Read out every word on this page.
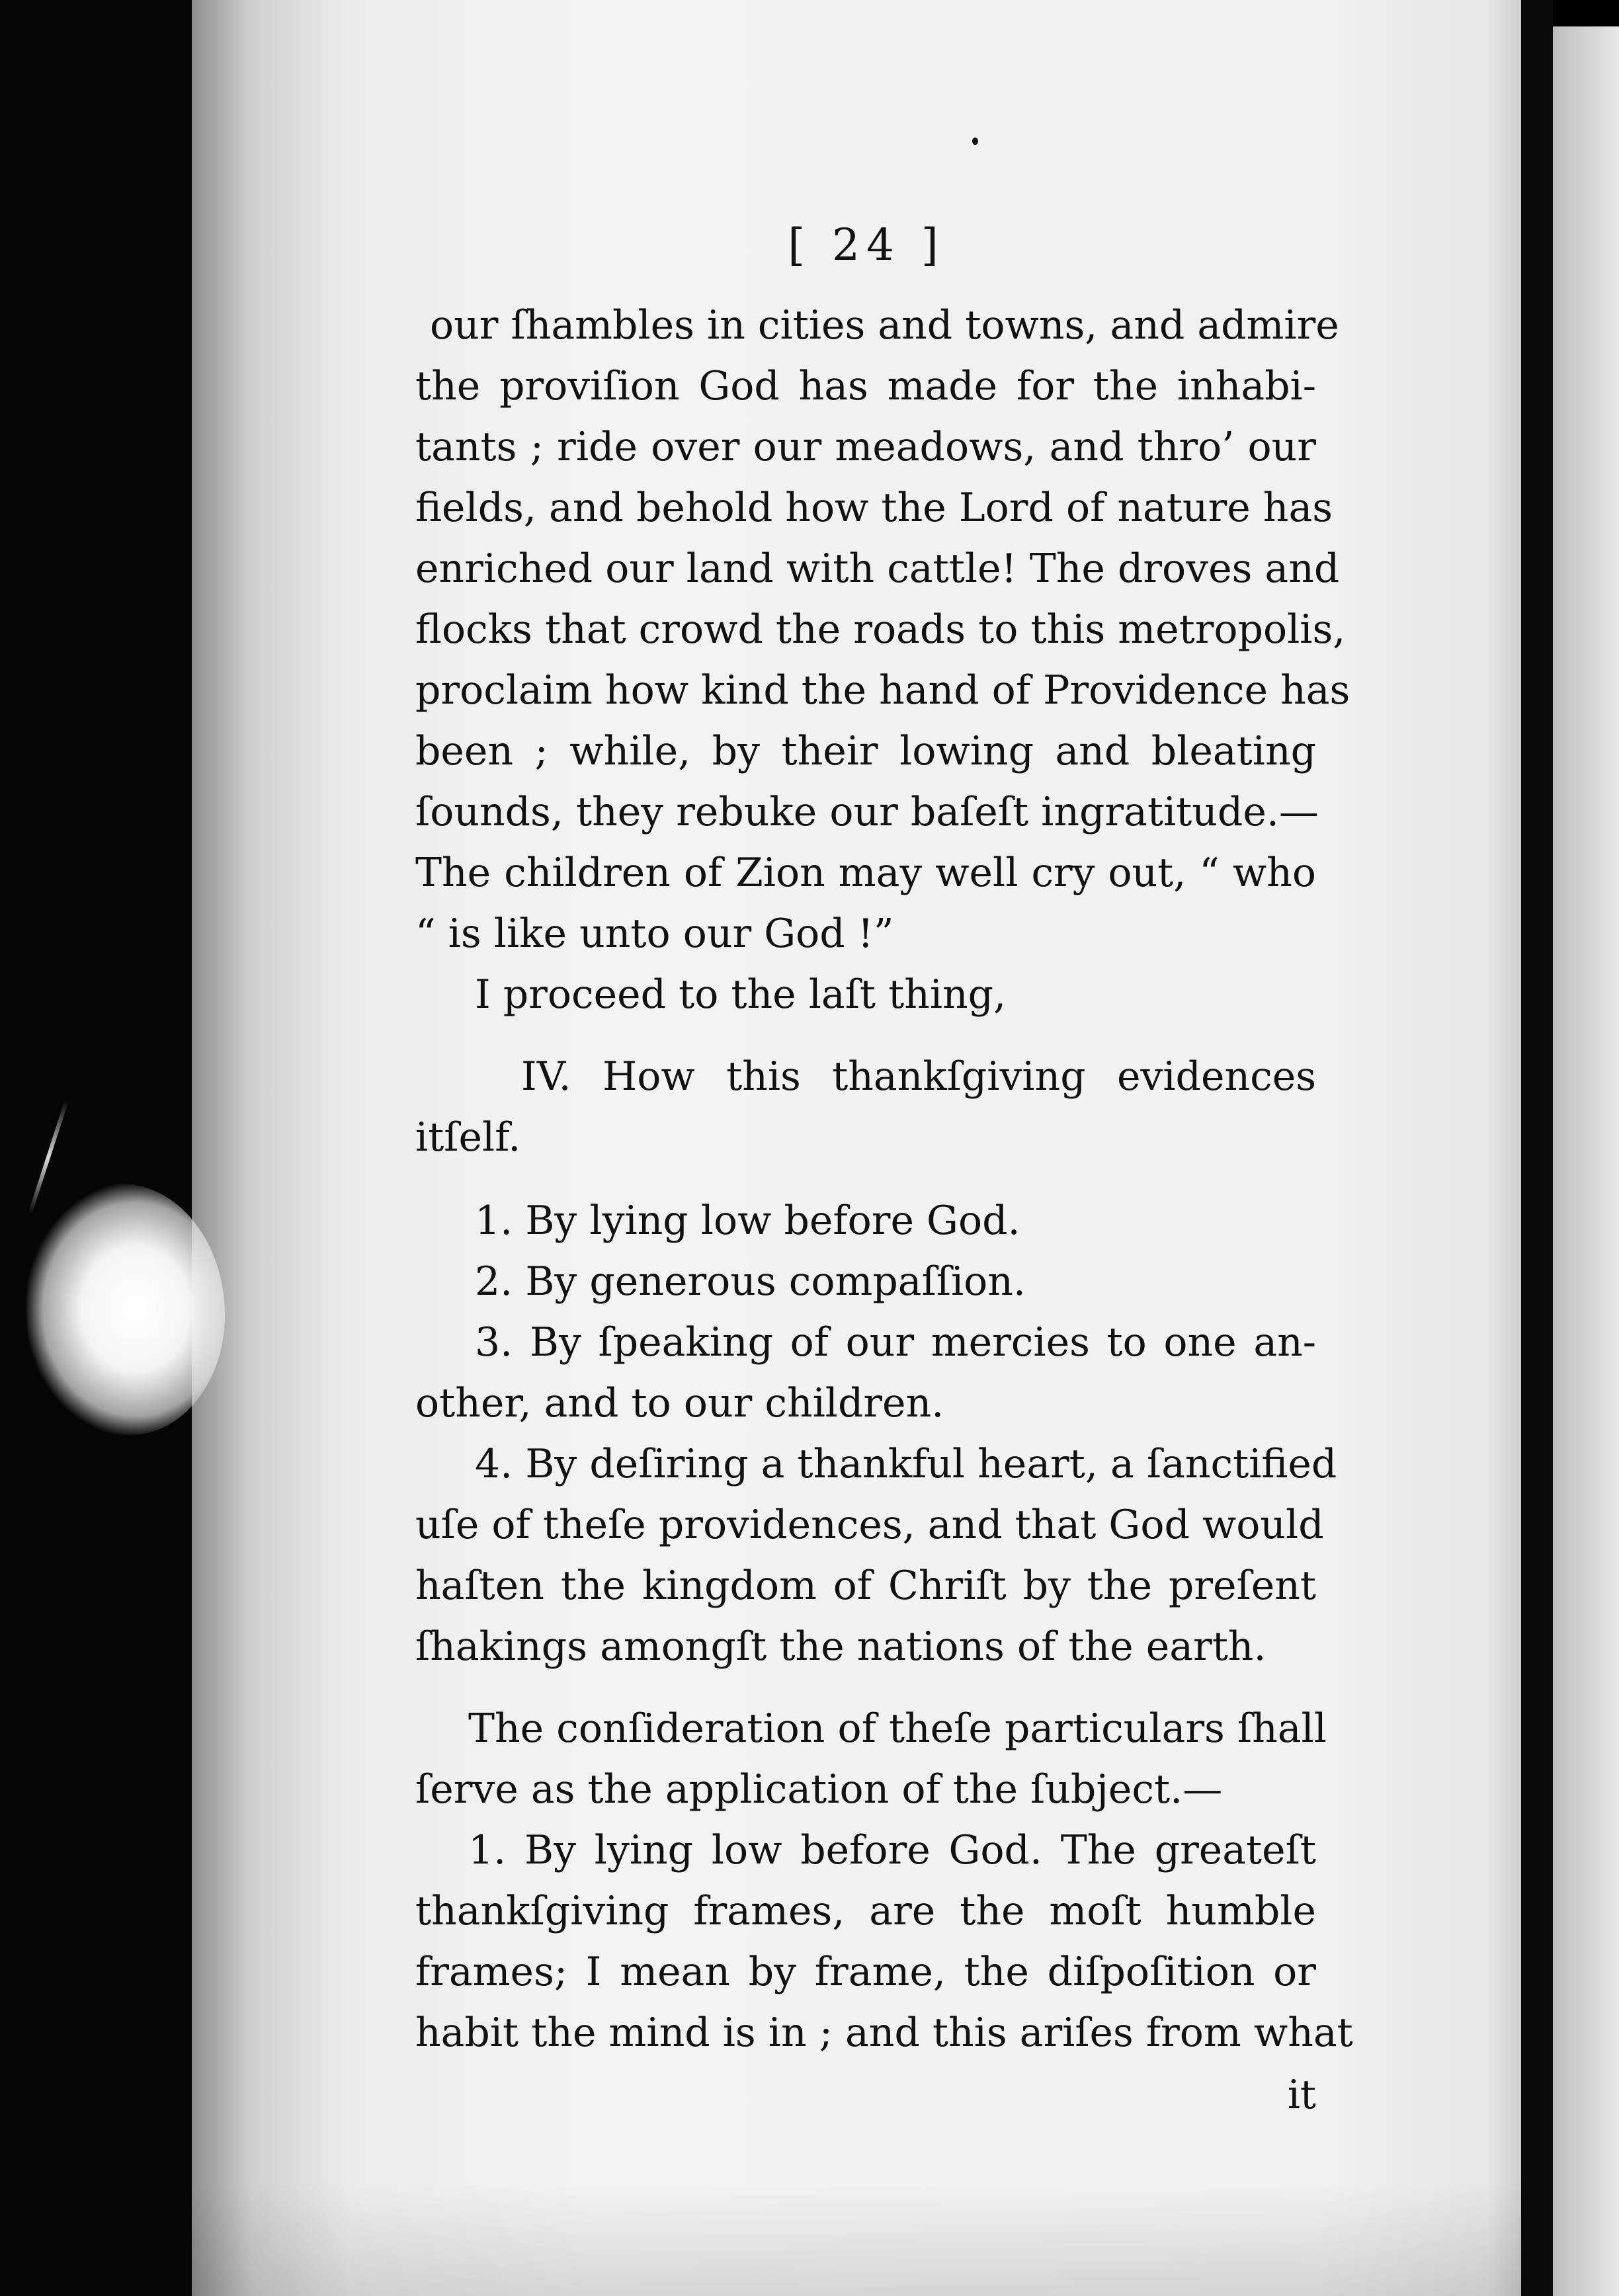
[ 24 ]
our ſhambles in cities and towns, and admire
the proviſion God has made for the inhabi-
tants ; ride over our meadows, and thro’ our
fields, and behold how the Lord of nature has
enriched our land with cattle! The droves and
flocks that crowd the roads to this metropolis,
proclaim how kind the hand of Providence has
been ; while, by their lowing and bleating
ſounds, they rebuke our baſeſt ingratitude.—
The children of Zion may well cry out, “ who
“ is like unto our God !”
I proceed to the laſt thing,
IV. How this thankſgiving evidences
itſelf.
1. By lying low before God.
2. By generous compaſſion.
3. By ſpeaking of our mercies to one an-
other, and to our children.
4. By deſiring a thankful heart, a ſanctified
uſe of theſe providences, and that God would
haſten the kingdom of Chriſt by the preſent
ſhakings amongſt the nations of the earth.
The conſideration of theſe particulars ſhall
ſerve as the application of the ſubject.—
1. By lying low before God. The greateſt
thankſgiving frames, are the moſt humble
frames; I mean by frame, the diſpoſition or
habit the mind is in ; and this ariſes from what
it
